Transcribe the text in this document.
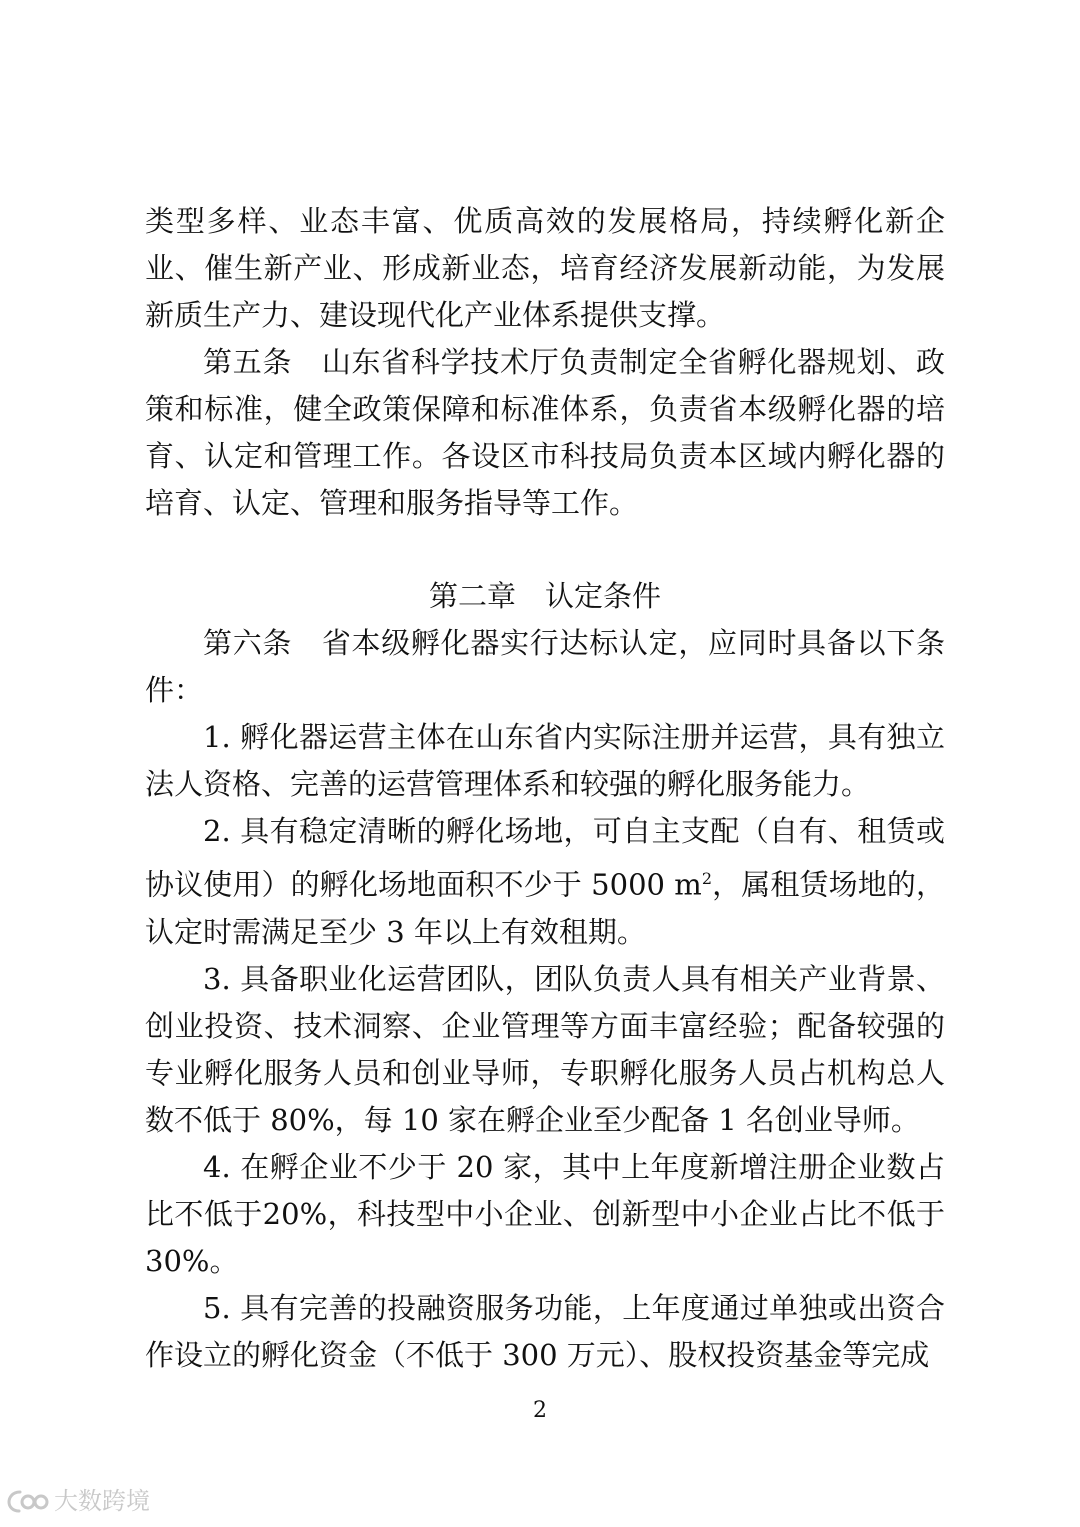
类型多样、业态丰富、优质高效的发展格局，持续孵化新企业、催生新产业、形成新业态，培育经济发展新动能，为发展新质生产力、建设现代化产业体系提供支撑。

第五条　山东省科学技术厅负责制定全省孵化器规划、政策和标准，健全政策保障和标准体系，负责省本级孵化器的培育、认定和管理工作。各设区市科技局负责本区域内孵化器的培育、认定、管理和服务指导等工作。

第二章　认定条件

第六条　省本级孵化器实行达标认定，应同时具备以下条件：

1. 孵化器运营主体在山东省内实际注册并运营，具有独立法人资格、完善的运营管理体系和较强的孵化服务能力。

2. 具有稳定清晰的孵化场地，可自主支配（自有、租赁或协议使用）的孵化场地面积不少于 5000 $m^2$，属租赁场地的，认定时需满足至少 3 年以上有效租期。

3. 具备职业化运营团队，团队负责人具有相关产业背景、创业投资、技术洞察、企业管理等方面丰富经验；配备较强的专业孵化服务人员和创业导师，专职孵化服务人员占机构总人数不低于 80%，每 10 家在孵企业至少配备 1 名创业导师。

4. 在孵企业不少于 20 家，其中上年度新增注册企业数占比不低于20%，科技型中小企业、创新型中小企业占比不低于30%。

5. 具有完善的投融资服务功能，上年度通过单独或出资合作设立的孵化资金（不低于 300 万元）、股权投资基金等完成

2
大数跨境
